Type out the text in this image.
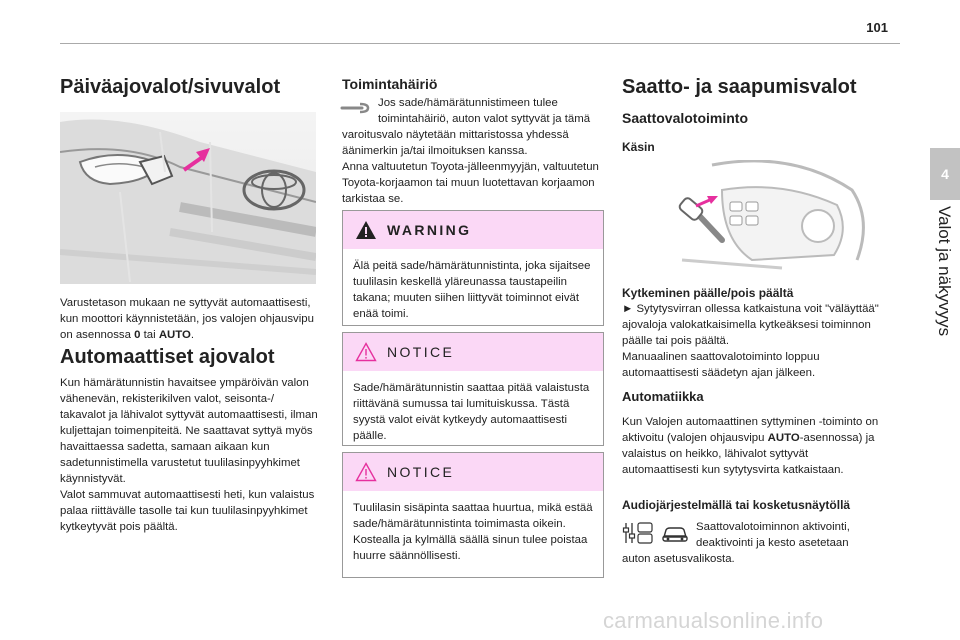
101
4
Valot ja näkyvyys
Päiväajovalot/sivuvalot
Varustetason mukaan ne syttyvät automaattisesti, kun moottori käynnistetään, jos valojen ohjausvipu on asennossa 0 tai AUTO.
Automaattiset ajovalot
Kun hämärätunnistin havaitsee ympäröivän valon vähenevän, rekisterikilven valot, seisonta-/ takavalot ja lähivalot syttyvät automaattisesti, ilman kuljettajan toimenpiteitä. Ne saattavat syttyä myös havaittaessa sadetta, samaan aikaan kun sadetunnistimella varustetut tuulilasinpyyhkimet käynnistyvät.
Valot sammuvat automaattisesti heti, kun valaistus palaa riittävälle tasolle tai kun tuulilasinpyyhkimet kytkeytyvät pois päältä.
Toimintahäiriö
Jos sade/hämärätunnistimeen tulee toimintahäiriö, auton valot syttyvät ja tämä varoitusvalo näytetään mittaristossa yhdessä äänimerkin ja/tai ilmoituksen kanssa.
Anna valtuutetun Toyota-jälleenmyyjän, valtuutetun Toyota-korjaamon tai muun luotettavan korjaamon tarkistaa se.
WARNING
Älä peitä sade/hämärätunnistinta, joka sijaitsee tuulilasin keskellä yläreunassa taustapeilin takana; muuten siihen liittyvät toiminnot eivät enää toimi.
NOTICE
Sade/hämärätunnistin saattaa pitää valaistusta riittävänä sumussa tai lumituiskussa. Tästä syystä valot eivät kytkeydy automaattisesti päälle.
NOTICE
Tuulilasin sisäpinta saattaa huurtua, mikä estää sade/hämärätunnistinta toimimasta oikein.
Kostealla ja kylmällä säällä sinun tulee poistaa huurre säännöllisesti.
Saatto- ja saapumisvalot
Saattovalotoiminto
Käsin
Kytkeminen päälle/pois päältä
► Sytytysvirran ollessa katkaistuna voit "väläyttää" ajovaloja valokatkaisimella kytkeäksesi toiminnon päälle tai pois päältä.
Manuaalinen saattovalotoiminto loppuu automaattisesti säädetyn ajan jälkeen.
Automatiikka
Kun Valojen automaattinen syttyminen -toiminto on aktivoitu (valojen ohjausvipu AUTO-asennossa) ja valaistus on heikko, lähivalot syttyvät automaattisesti kun sytytysvirta katkaistaan.
Audiojärjestelmällä tai kosketusnäytöllä
Saattovalotoiminnon aktivointi, deaktivointi ja kesto asetetaan
auton asetusvalikosta.
carmanualsonline.info
